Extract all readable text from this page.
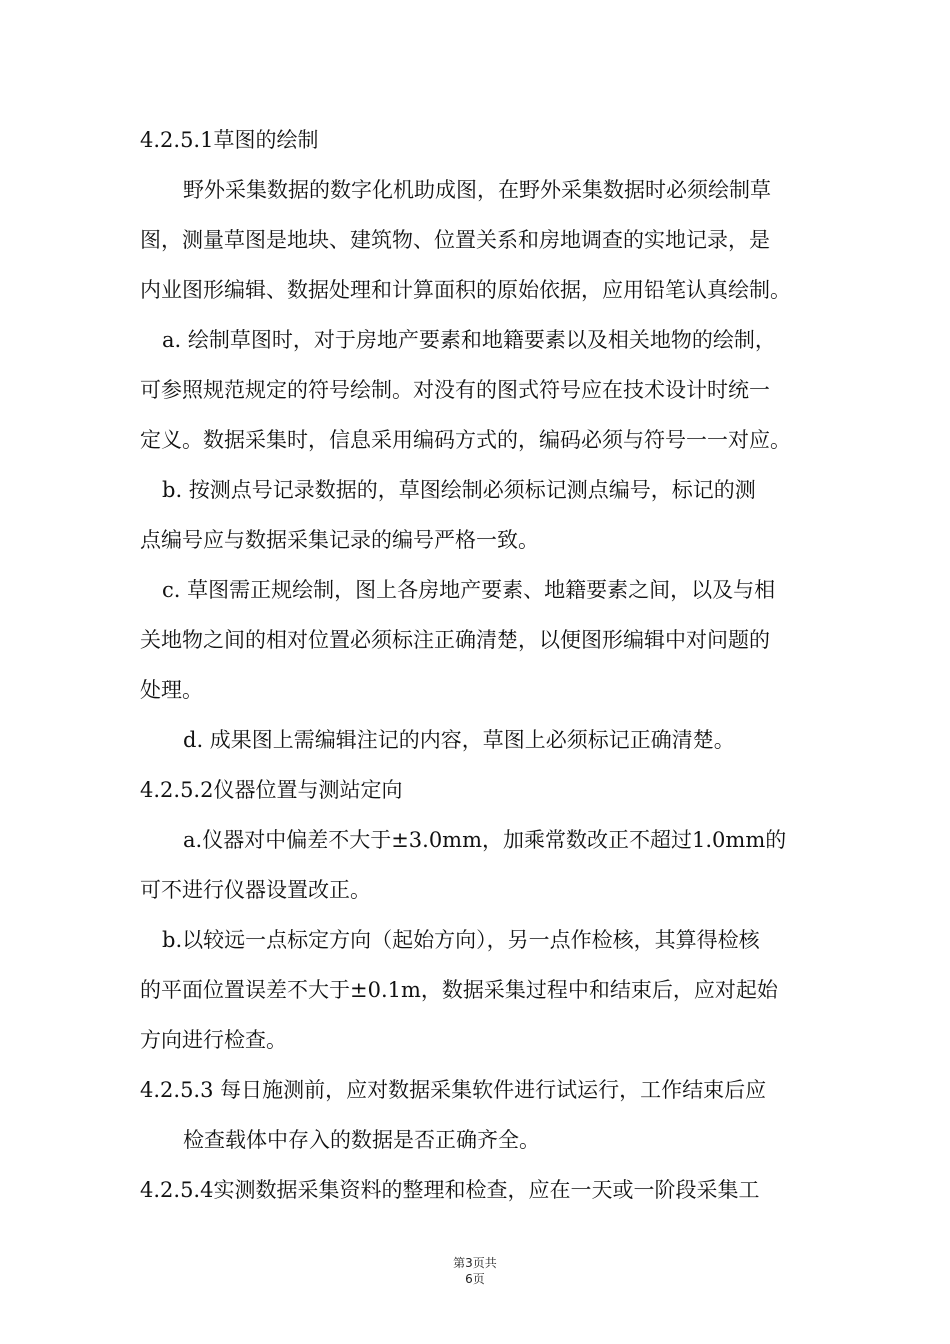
4.2.5.1草图的绘制
野外采集数据的数字化机助成图，在野外采集数据时必须绘制草
图，测量草图是地块、建筑物、位置关系和房地调查的实地记录，是
内业图形编辑、数据处理和计算面积的原始依据，应用铅笔认真绘制。
a. 绘制草图时，对于房地产要素和地籍要素以及相关地物的绘制，
可参照规范规定的符号绘制。对没有的图式符号应在技术设计时统一
定义。数据采集时，信息采用编码方式的，编码必须与符号一一对应。
b. 按测点号记录数据的，草图绘制必须标记测点编号，标记的测
点编号应与数据采集记录的编号严格一致。
c. 草图需正规绘制，图上各房地产要素、地籍要素之间，以及与相
关地物之间的相对位置必须标注正确清楚，以便图形编辑中对问题的
处理。
d. 成果图上需编辑注记的内容，草图上必须标记正确清楚。
4.2.5.2仪器位置与测站定向
a.仪器对中偏差不大于±3.0mm，加乘常数改正不超过1.0mm的
可不进行仪器设置改正。
b.以较远一点标定方向（起始方向），另一点作检核，其算得检核
的平面位置误差不大于±0.1m，数据采集过程中和结束后，应对起始
方向进行检查。
4.2.5.3 每日施测前，应对数据采集软件进行试运行，工作结束后应
检查载体中存入的数据是否正确齐全。
4.2.5.4实测数据采集资料的整理和检查，应在一天或一阶段采集工
第3页共
6页
